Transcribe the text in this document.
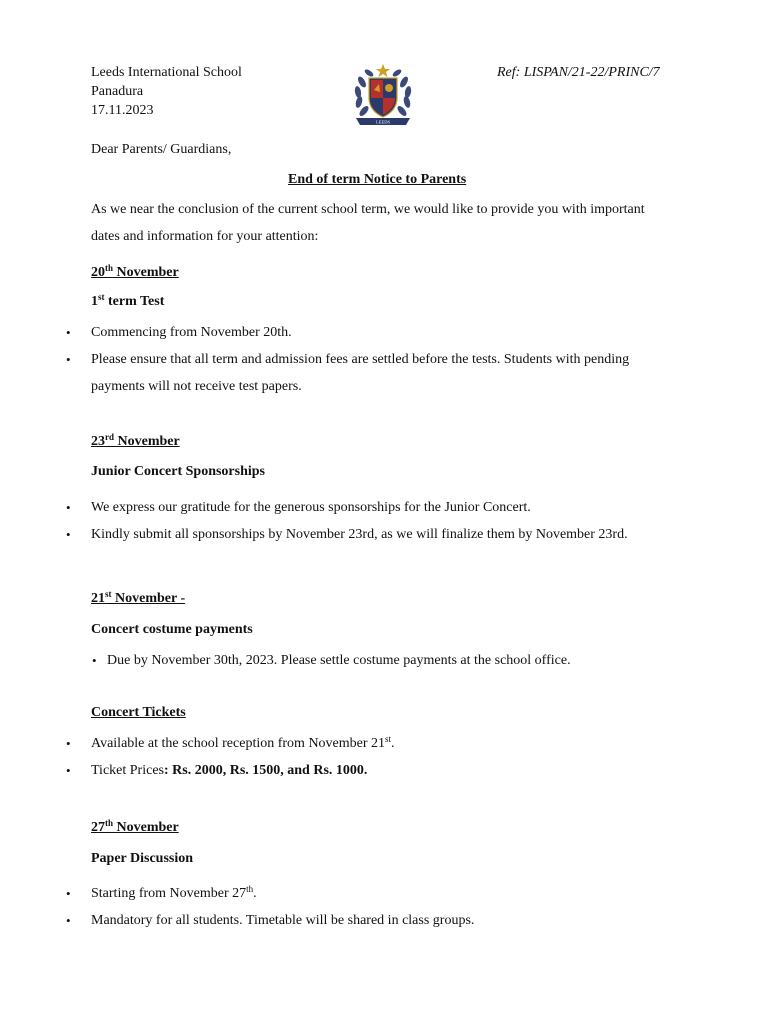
Leeds International School
Panadura
17.11.2023
Ref: LISPAN/21-22/PRINC/7
LEEDS
Dear Parents/ Guardians,
End of term Notice to Parents
As we near the conclusion of the current school term, we would like to provide you with important
dates and information for your attention:
20th November
1st term Test
• Commencing from November 20th.
• Please ensure that all term and admission fees are settled before the tests. Students with pending
payments will not receive test papers.
23rd November
Junior Concert Sponsorships
• We express our gratitude for the generous sponsorships for the Junior Concert.
• Kindly submit all sponsorships by November 23rd, as we will finalize them by November 23rd.
21st November -
Concert costume payments
• Due by November 30th, 2023. Please settle costume payments at the school office.
Concert Tickets
• Available at the school reception from November 21st.
• Ticket Prices: Rs. 2000, Rs. 1500, and Rs. 1000.
27th November
Paper Discussion
• Starting from November 27th.
• Mandatory for all students. Timetable will be shared in class groups.
